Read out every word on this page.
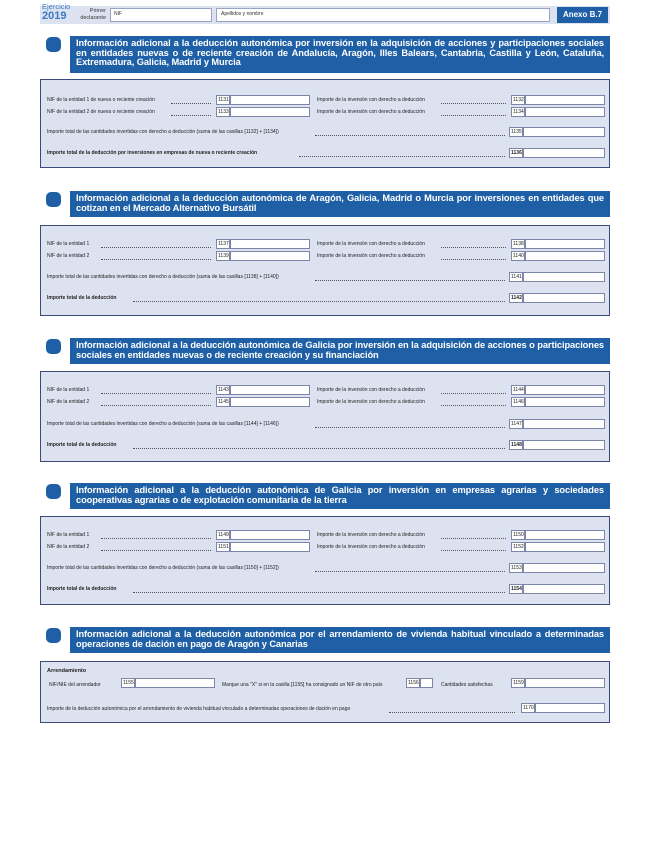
Ejercicio
2019	Primer declarante
NIF	Apellidos y nombre	Anexo B.7
Información adicional a la deducción autonómica por inversión en la adquisición de acciones y participaciones sociales en entidades nuevas o de reciente creación de Andalucía, Aragón, Illes Balears, Cantabria, Castilla y León, Cataluña, Extremadura, Galicia, Madrid y Murcia
NIF de la entidad 1 de nueva o reciente creación	1131	Importe de la inversión con derecho a deducción	1132
NIF de la entidad 2 de nueva o reciente creación	1133	Importe de la inversión con derecho a deducción	1134
Importe total de las cantidades invertidas con derecho a deducción (suma de las casillas [1132] + [1134])	1135
Importe total de la deducción por inversiones en empresas de nueva o reciente creación	1136
Información adicional a la deducción autonómica de Aragón, Galicia, Madrid o Murcia por inversiones en entidades que cotizan en el Mercado Alternativo Bursátil
NIF de la entidad 1	1137	Importe de la inversión con derecho a deducción	1138
NIF de la entidad 2	1139	Importe de la inversión con derecho a deducción	1140
Importe total de las cantidades invertidas con derecho a deducción (suma de las casillas [1138] + [1140])	1141
Importe total de la deducción	1142
Información adicional a la deducción autonómica de Galicia por inversión en la adquisición de acciones o participaciones sociales en entidades nuevas o de reciente creación y su financiación
NIF de la entidad 1	1143	Importe de la inversión con derecho a deducción	1144
NIF de la entidad 2	1145	Importe de la inversión con derecho a deducción	1146
Importe total de las cantidades invertidas con derecho a deducción (suma de las casillas [1144] + [1146])	1147
Importe total de la deducción	1148
Información adicional a la deducción autonómica de Galicia por inversión en empresas agrarias y sociedades cooperativas agrarias o de explotación comunitaria de la tierra
NIF de la entidad 1	1149	Importe de la inversión con derecho a deducción	1150
NIF de la entidad 2	1151	Importe de la inversión con derecho a deducción	1152
Importe total de las cantidades invertidas con derecho a deducción (suma de las casillas [1150] + [1152])	1153
Importe total de la deducción	1154
Información adicional a la deducción autonómica por el arrendamiento de vivienda habitual vinculado a determinadas operaciones de dación en pago de Aragón y Canarias
Arrendamiento
NIF/NIE del arrendador	1155	Marque una "X" si en la casilla [1155] ha consignado un NIF de otro país	1156	Cantidades satisfechas	1159
Importe de la deducción autonómica por el arrendamiento de vivienda habitual vinculado a determinadas operaciones de dación en pago	1170
